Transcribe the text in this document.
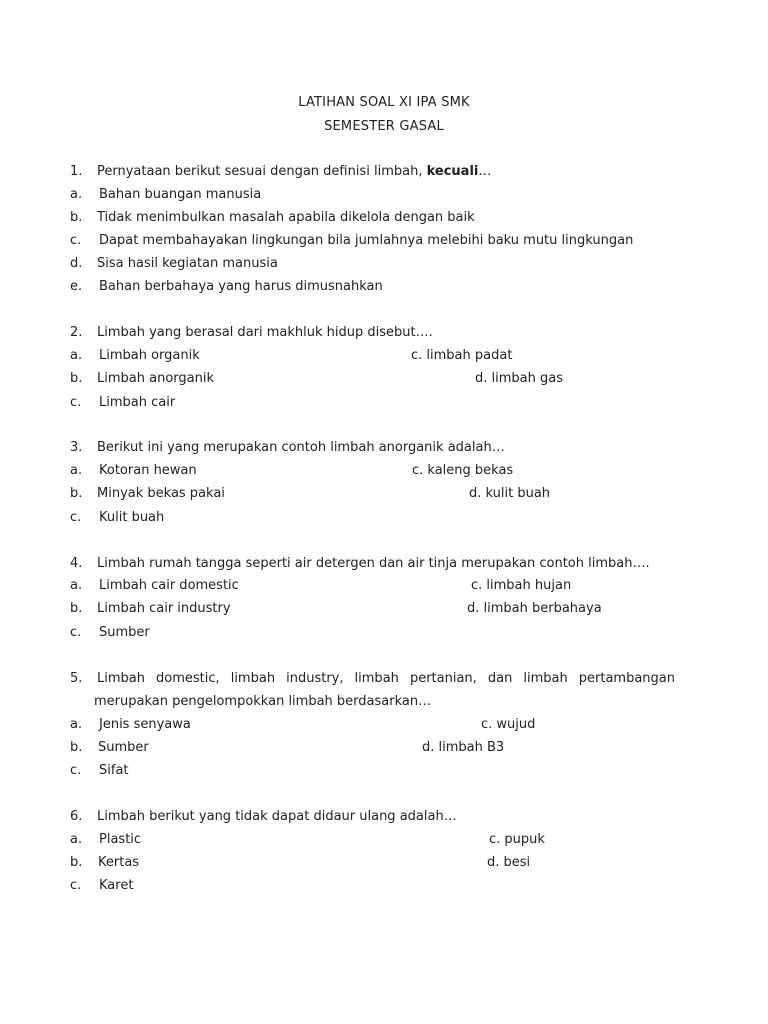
LATIHAN SOAL XI IPA SMK
SEMESTER GASAL
1. Pernyataan berikut sesuai dengan definisi limbah, kecuali…
a. Bahan buangan manusia
b. Tidak menimbulkan masalah apabila dikelola dengan baik
c. Dapat membahayakan lingkungan bila jumlahnya melebihi baku mutu lingkungan
d. Sisa hasil kegiatan manusia
e. Bahan berbahaya yang harus dimusnahkan
2. Limbah yang berasal dari makhluk hidup disebut….
a. Limbah organik	c. limbah padat
b. Limbah anorganik	d. limbah gas
c. Limbah cair
3. Berikut ini yang merupakan contoh limbah anorganik adalah…
a. Kotoran hewan	c. kaleng bekas
b. Minyak bekas pakai	d. kulit buah
c. Kulit buah
4. Limbah rumah tangga seperti air detergen dan air tinja merupakan contoh limbah….
a. Limbah cair domestic	c. limbah hujan
b. Limbah cair industry	d. limbah berbahaya
c. Sumber
5. Limbah domestic, limbah industry, limbah pertanian, dan limbah pertambangan
merupakan pengelompokkan limbah berdasarkan…
a. Jenis senyawa	c. wujud
b. Sumber	d. limbah B3
c. Sifat
6. Limbah berikut yang tidak dapat didaur ulang adalah…
a. Plastic	c. pupuk
b. Kertas	d. besi
c. Karet
